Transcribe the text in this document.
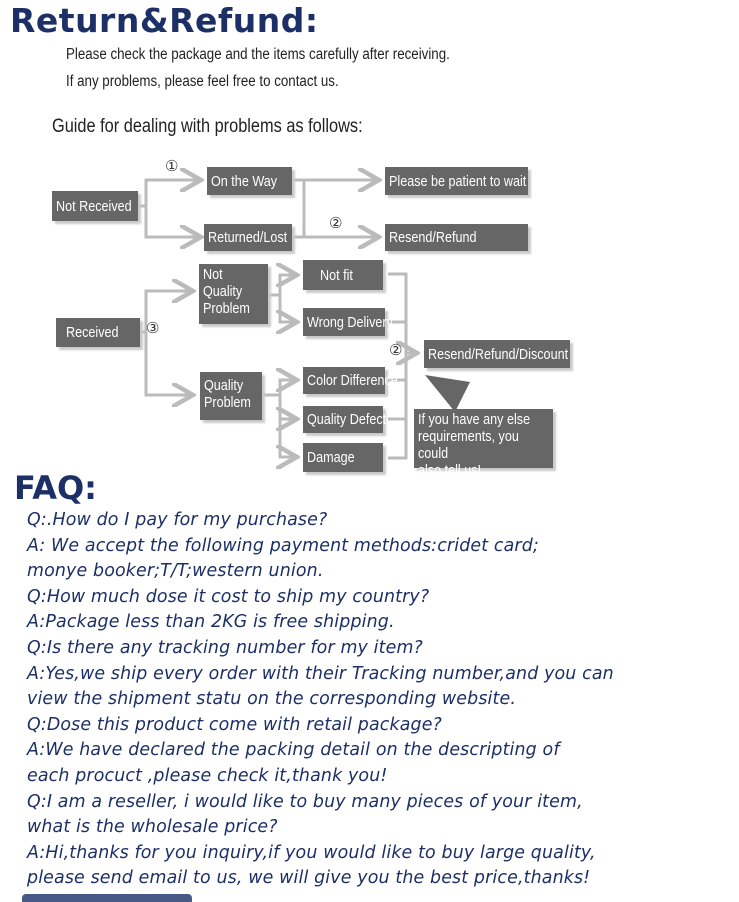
Return&Refund:

Please check the package and the items carefully after receiving.

If any problems, please feel free to contact us.

Guide for dealing with problems as follows:

①
②
③
②
Not Received
On the Way
Returned/Lost
Please be patient to wait
Resend/Refund
Received
Not
Quality
Problem
Quality
Problem
Not fit
Wrong Delivery
Color Difference
Quality Defect
Damage
Resend/Refund/Discount
If you have any else
requirements, you could
also tell us!
FAQ:
Q:.How do I pay for my purchase?
A: We accept the following payment methods:cridet card;
monye booker;T/T;western union.
Q:How much dose it cost to ship my country?
A:Package less than 2KG is free shipping.
Q:Is there any tracking number for my item?
A:Yes,we ship every order with their Tracking number,and you can
view the shipment statu on the corresponding website.
Q:Dose this product come with retail package?
A:We have declared the packing detail on the descripting of
each procuct ,please check it,thank you!
Q:I am a reseller, i would like to buy many pieces of your item,
what is the wholesale price?
A:Hi,thanks for you inquiry,if you would like to buy large quality,
please send email to us, we will give you the best price,thanks!
